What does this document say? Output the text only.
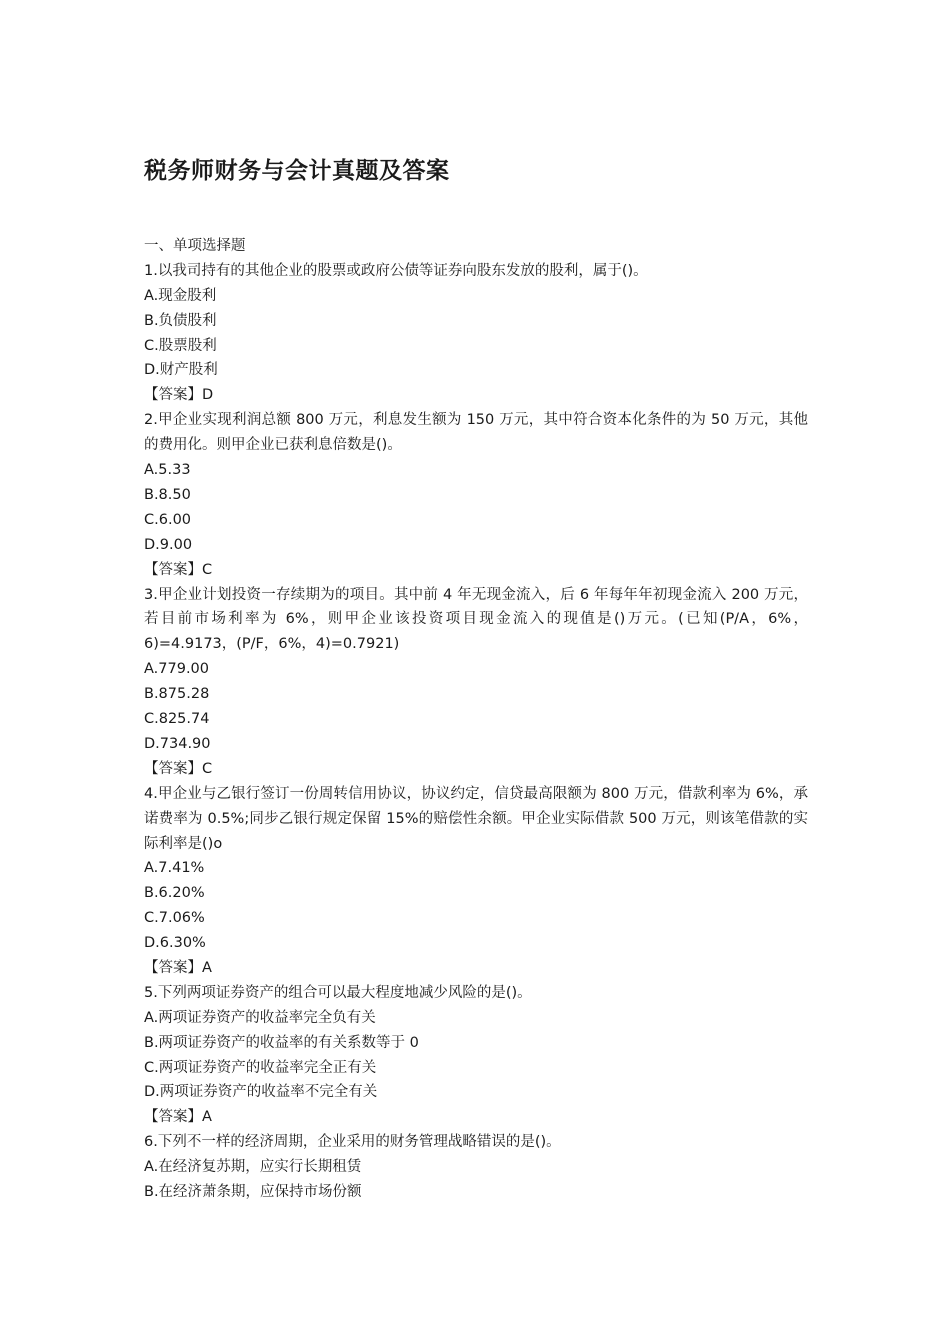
税务师财务与会计真题及答案
一、单项选择题
1.以我司持有的其他企业的股票或政府公债等证券向股东发放的股利，属于()。
A.现金股利
B.负债股利
C.股票股利
D.财产股利
【答案】D
2.甲企业实现利润总额 800 万元，利息发生额为 150 万元，其中符合资本化条件的为 50 万元，其他的费用化。则甲企业已获利息倍数是()。
A.5.33
B.8.50
C.6.00
D.9.00
【答案】C
3.甲企业计划投资一存续期为的项目。其中前 4 年无现金流入，后 6 年每年年初现金流入 200 万元，若目前市场利率为 6%，则甲企业该投资项目现金流入的现值是()万元。(已知(P/A，6%，6)=4.9173，(P/F，6%，4)=0.7921)
A.779.00
B.875.28
C.825.74
D.734.90
【答案】C
4.甲企业与乙银行签订一份周转信用协议，协议约定，信贷最高限额为 800 万元，借款利率为 6%，承诺费率为 0.5%;同步乙银行规定保留 15%的赔偿性余额。甲企业实际借款 500 万元，则该笔借款的实际利率是()o
A.7.41%
B.6.20%
C.7.06%
D.6.30%
【答案】A
5.下列两项证券资产的组合可以最大程度地减少风险的是()。
A.两项证券资产的收益率完全负有关
B.两项证券资产的收益率的有关系数等于 0
C.两项证券资产的收益率完全正有关
D.两项证券资产的收益率不完全有关
【答案】A
6.下列不一样的经济周期，企业采用的财务管理战略错误的是()。
A.在经济复苏期，应实行长期租赁
B.在经济萧条期，应保持市场份额
